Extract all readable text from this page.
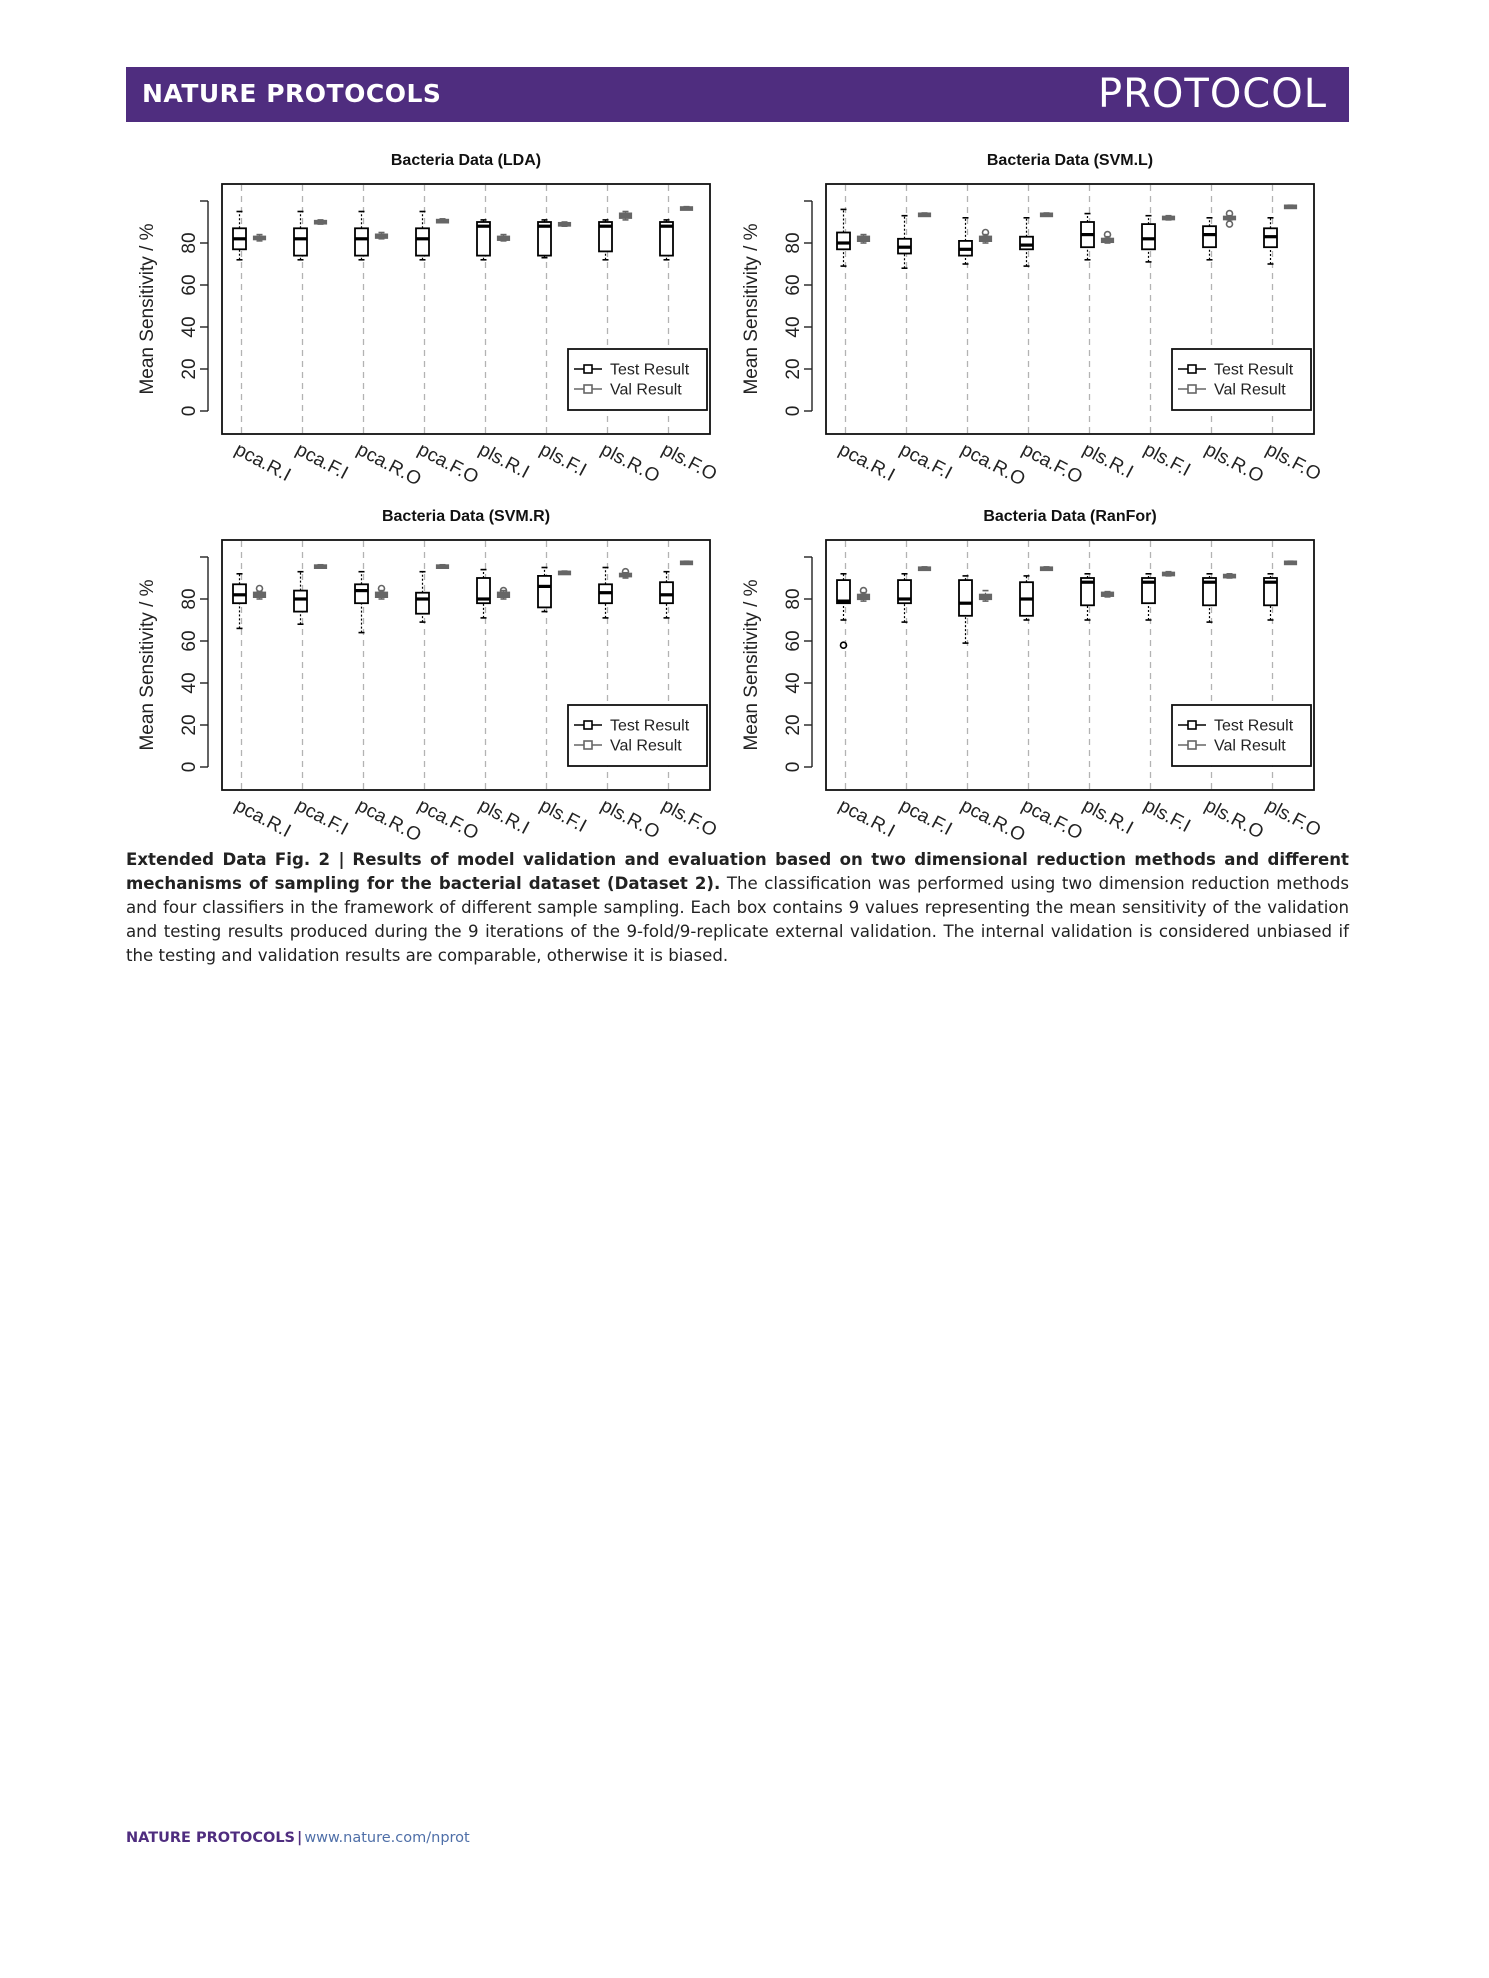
NATURE PROTOCOLS	PROTOCOL
Bacteria Data (LDA)
0
20
40
60
80
Mean Sensitivity / %	Test Result
Val Result
pca.R.I
pca.F.I pca.R.O
pca.F.O
pls.R.I pls.F.I pls.R.O
pls.F.O
Bacteria Data (SVM.L)
0
20
40
60
80
Mean Sensitivity / %	Test Result
Val Result
pca.R.I
pca.F.I pca.R.O
pca.F.O
pls.R.I pls.F.I pls.R.O
pls.F.O
Bacteria Data (SVM.R)
0
20
40
60
80
Mean Sensitivity / %	Test Result
Val Result
pca.R.I
pca.F.I pca.R.O
pca.F.O
pls.R.I pls.F.I pls.R.O
pls.F.O
Bacteria Data (RanFor)
0
20
40
60
80
Mean Sensitivity / %	Test Result
Val Result
pca.R.I
pca.F.I pca.R.O
pca.F.O
pls.R.I pls.F.I pls.R.O
pls.F.O
Extended Data Fig. 2 | Results of model validation and evaluation based on two dimensional reduction methods and different mechanisms of sampling for the bacterial dataset (Dataset 2). The classification was performed using two dimension reduction methods and four classifiers in the framework of different sample sampling. Each box contains 9 values representing the mean sensitivity of the validation and testing results produced during the 9 iterations of the 9-fold/9-replicate external validation. The internal validation is considered unbiased if the testing and validation results are comparable, otherwise it is biased.
NATURE PROTOCOLS | www.nature.com/nprot
